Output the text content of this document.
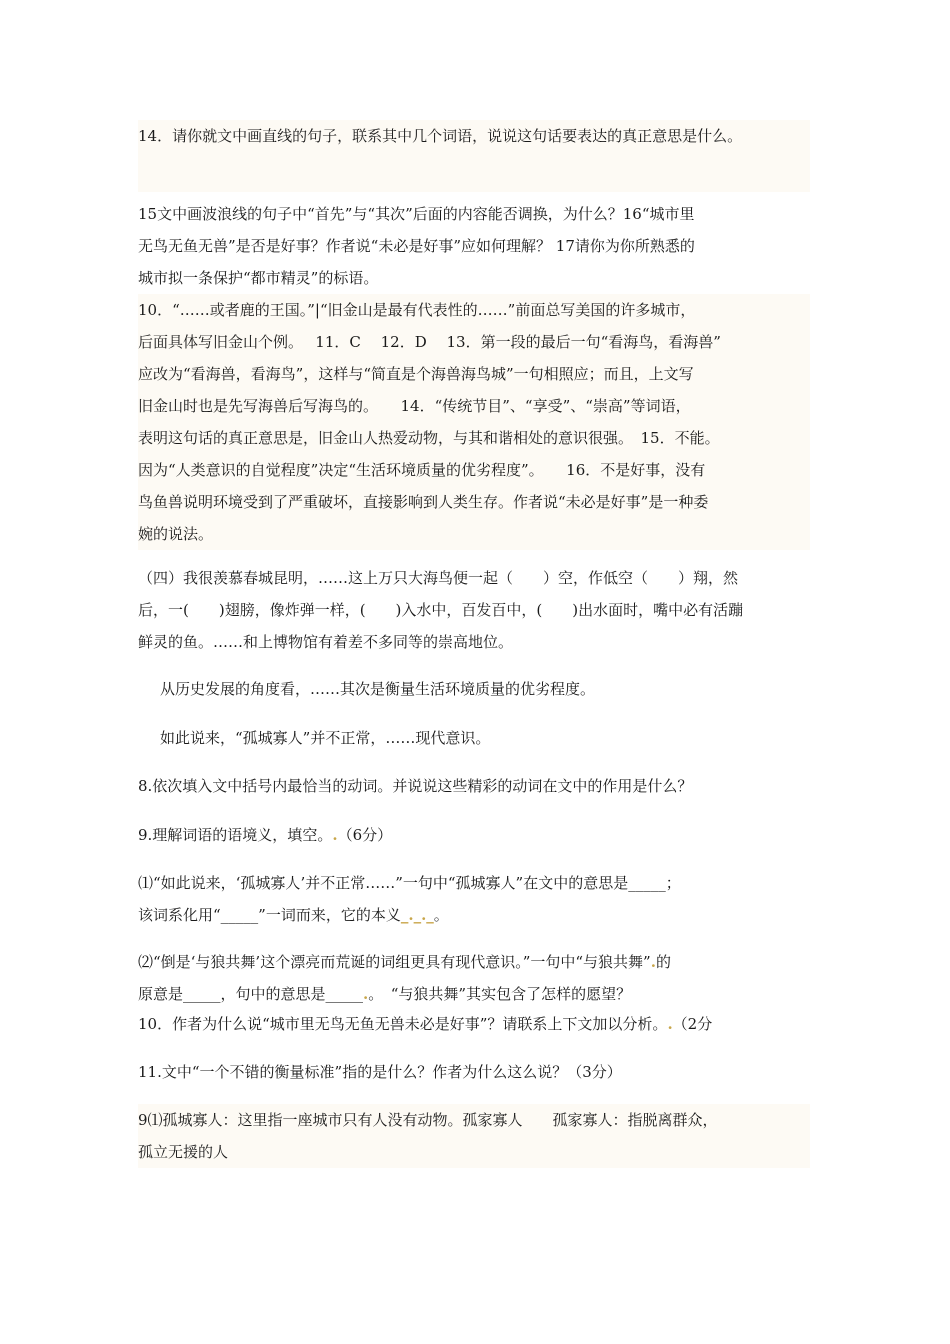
14．请你就文中画直线的句子，联系其中几个词语，说说这句话要表达的真正意思是什么。
15文中画波浪线的句子中“首先”与“其次”后面的内容能否调换，为什么？16“城市里
无鸟无鱼无兽”是否是好事？作者说“未必是好事”应如何理解？ 17请你为你所熟悉的
城市拟一条保护“都市精灵”的标语。
10．“……或者鹿的王国。”|“旧金山是最有代表性的……”前面总写美国的许多城市，
后面具体写旧金山个例。　 11．C　 12．D　 13．第一段的最后一句“看海鸟，看海兽”
应改为“看海兽，看海鸟”，这样与“简直是个海兽海鸟城”一句相照应；而且，上文写
旧金山时也是先写海兽后写海鸟的。　　14．“传统节目”、“享受”、“崇高”等词语，
表明这句话的真正意思是，旧金山人热爱动物，与其和谐相处的意识很强。　15．不能。
因为“人类意识的自觉程度”决定“生活环境质量的优劣程度”。　　16．不是好事，没有
鸟鱼兽说明环境受到了严重破坏，直接影响到人类生存。作者说“未必是好事”是一种委
婉的说法。
（四）我很羡慕春城昆明，……这上万只大海鸟便一起（　　）空，作低空（　　）翔，然
后，一(　　)翅膀，像炸弹一样，(　　)入水中，百发百中，(　　)出水面时，嘴中必有活蹦
鲜灵的鱼。……和上博物馆有着差不多同等的崇高地位。
从历史发展的角度看，……其次是衡量生活环境质量的优劣程度。
如此说来，“孤城寡人”并不正常，……现代意识。
8.依次填入文中括号内最恰当的动词。并说说这些精彩的动词在文中的作用是什么？
9.理解词语的语境义，填空。.（6分）
⑴“如此说来，‘孤城寡人’并不正常……”一句中“孤城寡人”在文中的意思是_____；
该词系化用“_____”一词而来，它的本义_._._。
⑵“倒是‘与狼共舞’这个漂亮而荒诞的词组更具有现代意识。”一句中“与狼共舞”.的
原意是_____，句中的意思是_____.。　“与狼共舞”其实包含了怎样的愿望？
10．作者为什么说“城市里无鸟无鱼无兽未必是好事”？请联系上下文加以分析。.（2分
11.文中“一个不错的衡量标准”指的是什么？作者为什么这么说？（3分）
9⑴孤城寡人：这里指一座城市只有人没有动物。孤家寡人　　孤家寡人：指脱离群众，
孤立无援的人
